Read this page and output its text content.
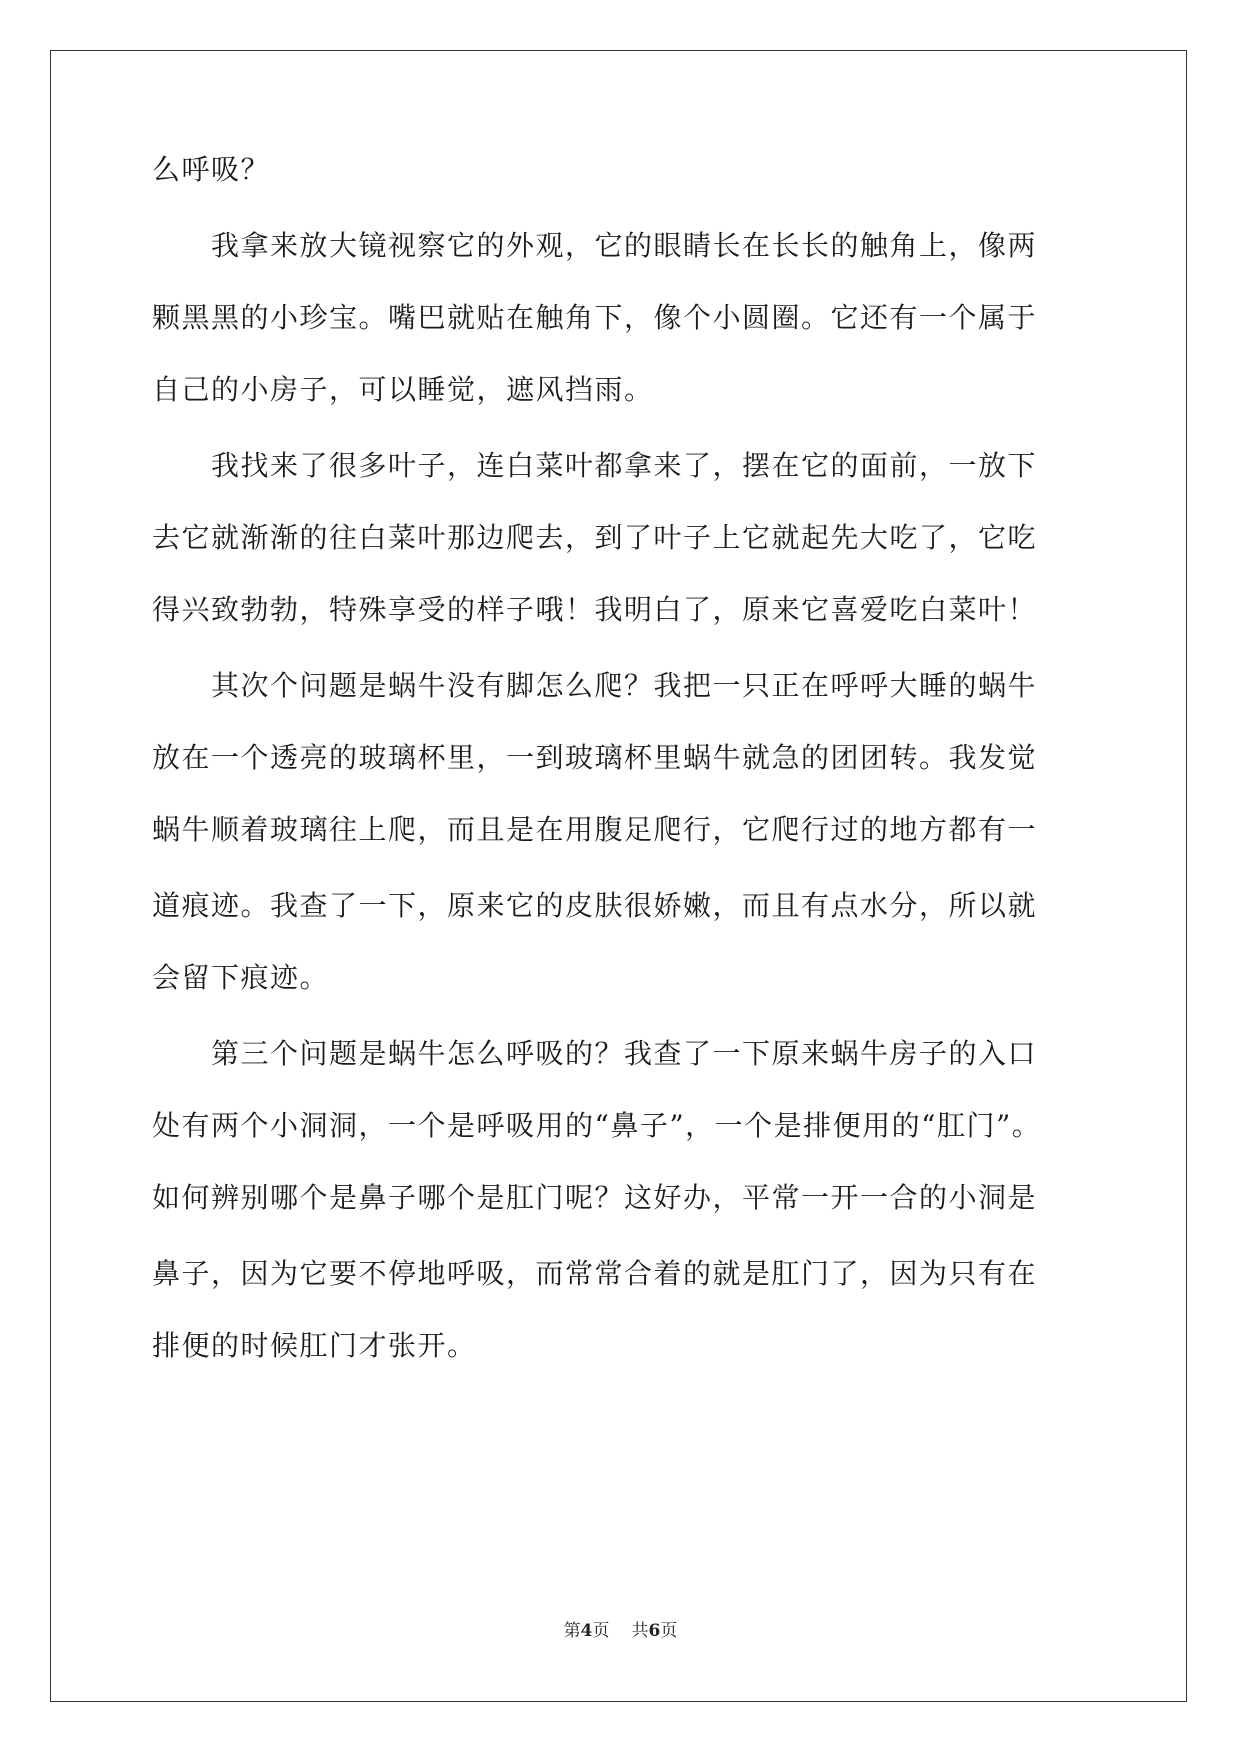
么呼吸？
　　我拿来放大镜视察它的外观，它的眼睛长在长长的触角上，像两
颗黑黑的小珍宝。嘴巴就贴在触角下，像个小圆圈。它还有一个属于
自己的小房子，可以睡觉，遮风挡雨。
　　我找来了很多叶子，连白菜叶都拿来了，摆在它的面前，一放下
去它就渐渐的往白菜叶那边爬去，到了叶子上它就起先大吃了，它吃
得兴致勃勃，特殊享受的样子哦！我明白了，原来它喜爱吃白菜叶！
　　其次个问题是蜗牛没有脚怎么爬？我把一只正在呼呼大睡的蜗牛
放在一个透亮的玻璃杯里，一到玻璃杯里蜗牛就急的团团转。我发觉
蜗牛顺着玻璃往上爬，而且是在用腹足爬行，它爬行过的地方都有一
道痕迹。我查了一下，原来它的皮肤很娇嫩，而且有点水分，所以就
会留下痕迹。
　　第三个问题是蜗牛怎么呼吸的？我查了一下原来蜗牛房子的入口
处有两个小洞洞，一个是呼吸用的“鼻子”，一个是排便用的“肛门”。
如何辨别哪个是鼻子哪个是肛门呢？这好办，平常一开一合的小洞是
鼻子，因为它要不停地呼吸，而常常合着的就是肛门了，因为只有在
排便的时候肛门才张开。
第4页 共6页
